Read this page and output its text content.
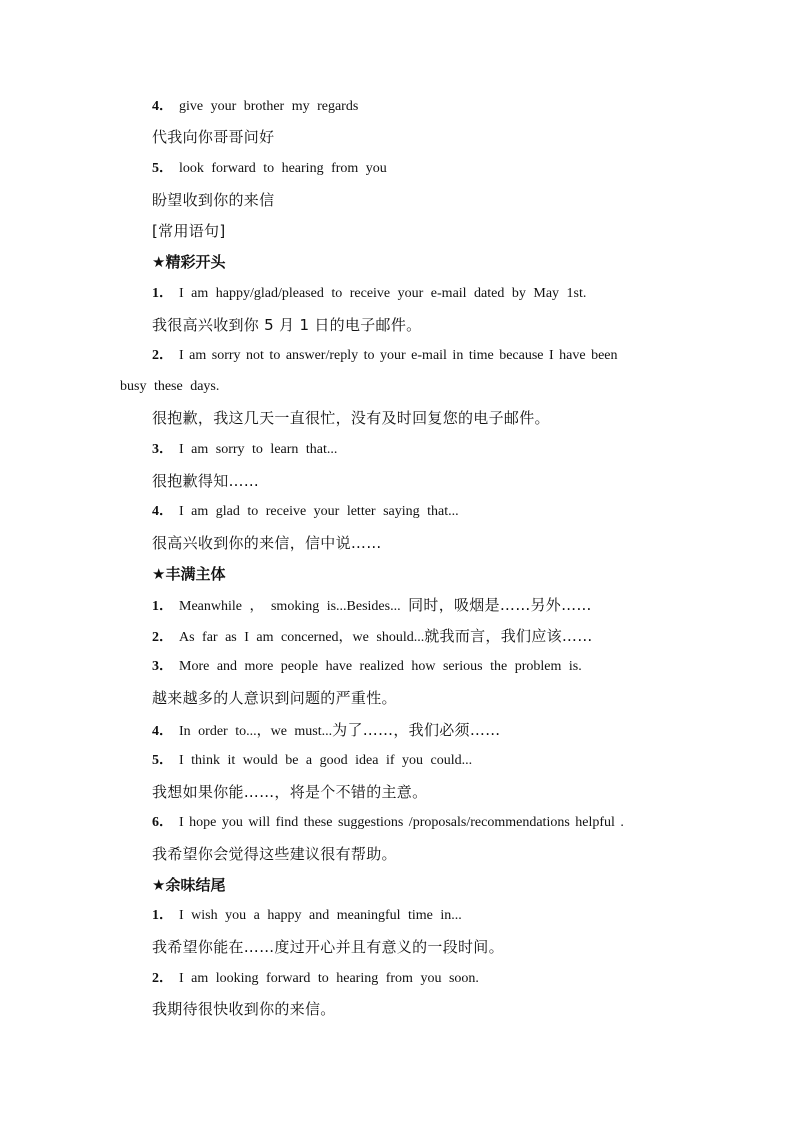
4． give your brother my regards
代我向你哥哥问好
5． look forward to hearing from you
盼望收到你的来信
[常用语句]
★精彩开头
1． I am happy/glad/pleased to receive your e-mail dated by May 1st.
我很高兴收到你 5 月 1 日的电子邮件。
2． I am sorry not to answer/reply to your e-mail in time because I have been
busy these days.
很抱歉，我这几天一直很忙，没有及时回复您的电子邮件。
3． I am sorry to learn that...
很抱歉得知……
4． I am glad to receive your letter saying that...
很高兴收到你的来信，信中说……
★丰满主体
1． Meanwhile ， smoking is...Besides... 同时，吸烟是……另外……
2． As far as I am concerned，we should...就我而言，我们应该……
3． More and more people have realized how serious the problem is.
越来越多的人意识到问题的严重性。
4． In order to...，we must...为了……，我们必须……
5． I think it would be a good idea if you could...
我想如果你能……，将是个不错的主意。
6． I hope you will find these suggestions /proposals/recommendations helpful .
我希望你会觉得这些建议很有帮助。
★余味结尾
1． I wish you a happy and meaningful time in...
我希望你能在……度过开心并且有意义的一段时间。
2． I am looking forward to hearing from you soon.
我期待很快收到你的来信。
